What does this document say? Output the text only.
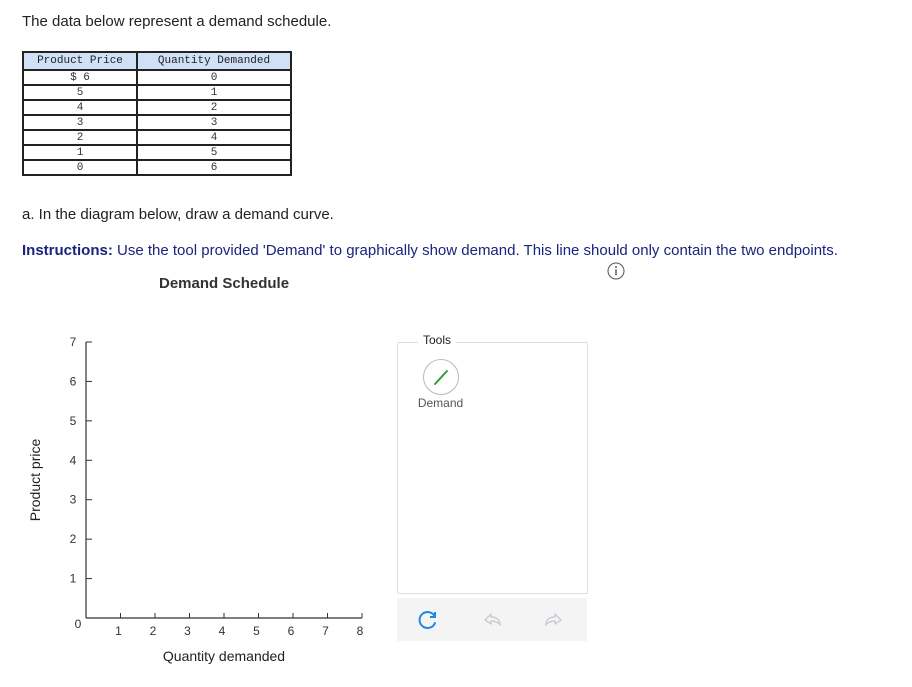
The data below represent a demand schedule.
Product Price	Quantity Demanded
$ 6	0
5	1
4	2
3	3
2	4
1	5
0	6
a. In the diagram below, draw a demand curve.
Instructions: Use the tool provided 'Demand' to graphically show demand. This line should only contain the two endpoints.
Demand Schedule
0	1 2 3 4 5 6 7 8
1
2
3
4
5
6
7
Quantity demanded
Product price
Tools
Demand
